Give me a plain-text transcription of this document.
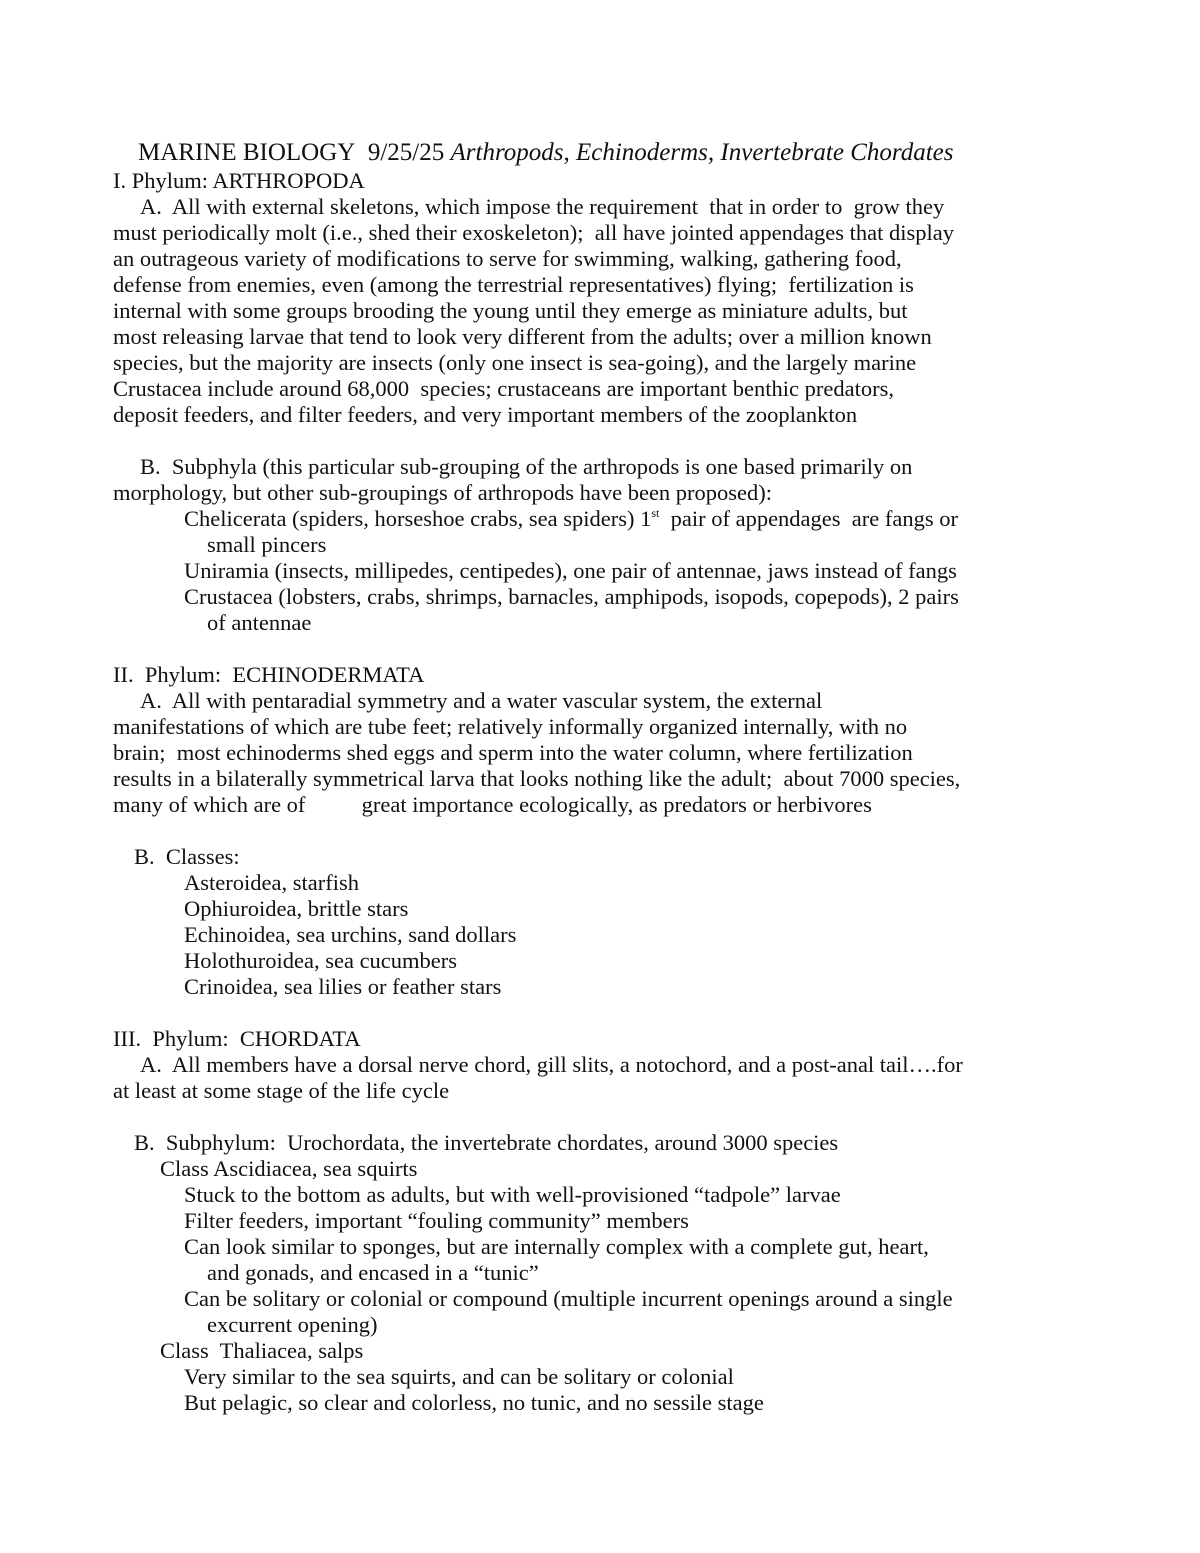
MARINE BIOLOGY 9/25/25 Arthropods, Echinoderms, Invertebrate Chordates

I. Phylum: ARTHROPODA
A.  All with external skeletons, which impose the requirement  that in order to  grow they
must periodically molt (i.e., shed their exoskeleton);  all have jointed appendages that display
an outrageous variety of modifications to serve for swimming, walking, gathering food,
defense from enemies, even (among the terrestrial representatives) flying;  fertilization is
internal with some groups brooding the young until they emerge as miniature adults, but
most releasing larvae that tend to look very different from the adults; over a million known
species, but the majority are insects (only one insect is sea-going), and the largely marine
Crustacea include around 68,000  species; crustaceans are important benthic predators,
deposit feeders, and filter feeders, and very important members of the zooplankton
B.  Subphyla (this particular sub-grouping of the arthropods is one based primarily on
morphology, but other sub-groupings of arthropods have been proposed):
Chelicerata (spiders, horseshoe crabs, sea spiders) 1st  pair of appendages  are fangs or
small pincers
Uniramia (insects, millipedes, centipedes), one pair of antennae, jaws instead of fangs
Crustacea (lobsters, crabs, shrimps, barnacles, amphipods, isopods, copepods), 2 pairs
of antennae
II.  Phylum:  ECHINODERMATA
A.  All with pentaradial symmetry and a water vascular system, the external
manifestations of which are tube feet; relatively informally organized internally, with no
brain;  most echinoderms shed eggs and sperm into the water column, where fertilization
results in a bilaterally symmetrical larva that looks nothing like the adult;  about 7000 species,
many of which are of          great importance ecologically, as predators or herbivores
B.  Classes:
Asteroidea, starfish
Ophiuroidea, brittle stars
Echinoidea, sea urchins, sand dollars
Holothuroidea, sea cucumbers
Crinoidea, sea lilies or feather stars
III.  Phylum:  CHORDATA
A.  All members have a dorsal nerve chord, gill slits, a notochord, and a post-anal tail….for
at least at some stage of the life cycle
B.  Subphylum:  Urochordata, the invertebrate chordates, around 3000 species
Class Ascidiacea, sea squirts
Stuck to the bottom as adults, but with well-provisioned “tadpole” larvae
Filter feeders, important “fouling community” members
Can look similar to sponges, but are internally complex with a complete gut, heart,
and gonads, and encased in a “tunic”
Can be solitary or colonial or compound (multiple incurrent openings around a single
excurrent opening)
Class  Thaliacea, salps
Very similar to the sea squirts, and can be solitary or colonial
But pelagic, so clear and colorless, no tunic, and no sessile stage
